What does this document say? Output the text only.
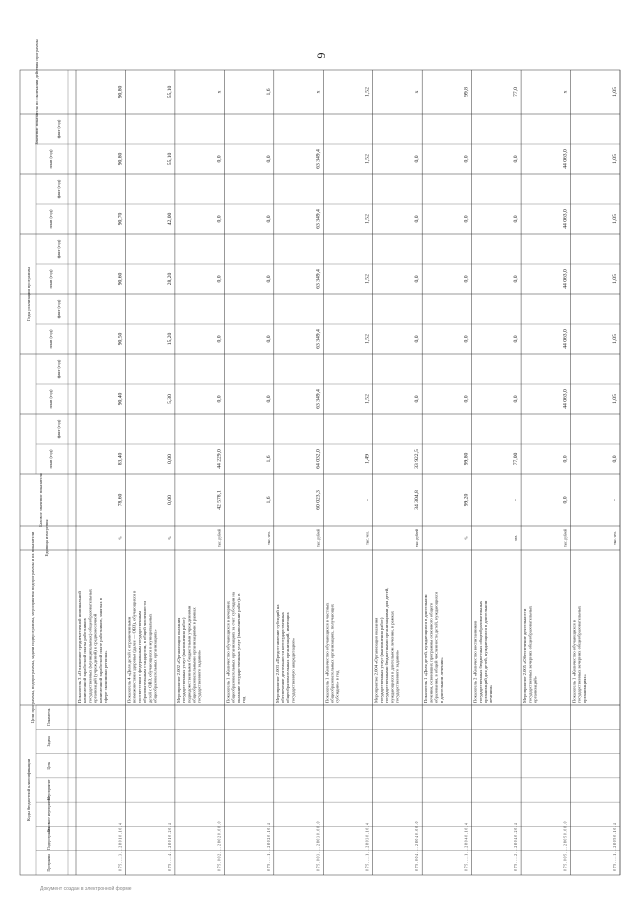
6
Коды бюджетной классификации
Цели программы, подпрограммы, задачи подпрограммы, мероприятия подпрограммы и их показатели Единица измерения
Базовое значение показателя
Годы реализации программы
план (год)
факт (год)
план (год)
факт (год)
план (год)
факт (год)
план (год)
факт (год)
план (год)
факт (год)
план (год)
факт (год)
Значение показателя по окончании действия программы
Программа
Подпрограмма
Основное мероприятие
Мероприятие
Цель
Задача
Показатель
0 7 5 . . . . 3 . . . 2 8 0 1 0 . 1 0 . 4
Показатель 3 «Отношение среднемесячной номинальной начисленной заработной платы работников государственных (муниципальных) общеобразовательных организаций (учреждений) к среднемесячной начисленной заработной плате работников, занятых в сфере экономики региона»
%
78,60
83,40
90,40
90,50
90,60
90,70
90,80
90,80
0 7 5 . . . . 4 . . . 2 8 0 1 0 . 2 0 . 4
Показатель 4 «Доля детей с ограниченными возможностями здоровья (далее — ОВЗ), обучающихся в соответствии с федеральным государственным образовательным стандартом, в общей численности детей с ОВЗ, обучающихся в муниципальных общеобразовательных организациях»
%
0,00
0,00
5,30
15,20
28,20
42,00
55,10
55,10
0 7 5 . 0 0 2 . . . . 2 8 0 2 0 . 0 0 . 0
Мероприятие 2.002 «Организация оказания государственных услуг (выполнения работ) подведомственными бюджетными учреждениями общеобразовательными организациями в рамках государственного задания»
тыс. рублей
42 578,1
44 229,0
0,0
0,0
0,0
0,0
0,0
x
0 7 5 . . . . 1 . . . 2 8 0 2 0 . 1 0 . 4
Показатель 1 «Количество обучающихся в вечерних общеобразовательных организациях за счет субсидии на оказание государственных услуг (выполнение работ)» в год
тыс. чел.
1,6
1,6
0,0
0,0
0,0
0,0
0,0
1,6
0 7 5 . 0 0 3 . . . . 2 8 0 3 0 . 0 0 . 0
Мероприятие 2.003 «Предоставление субсидий на обеспечение деятельности негосударственных общеобразовательных организаций, имеющих государственную аккредитацию»
тыс. рублей
60 023,3
64 032,0
63 349,4
63 349,4
63 349,4
63 349,4
63 349,4
x
0 7 5 . . . . 1 . . . 2 8 0 3 0 . 1 0 . 4
Показатель 1 «Количество обучающихся в частных общеобразовательных организациях, получающих субсидию» в год
тыс. чел.
-
1,49
1,52
1,52
1,52
1,52
1,52
1,52
0 7 5 . 0 0 4 . . . . 2 8 0 4 0 . 0 0 . 0
Мероприятие 2.004 «Организация оказания государственных услуг (выполнения работ) государственными бюджетными организациями для детей, нуждающихся в длительном лечении, в рамках государственного задания»
тыс. рублей
34 304,8
33 922,5
0,0
0,0
0,0
0,0
0,0
x
0 7 5 . . . . 1 . . . 2 8 0 4 0 . 1 0 . 4
Показатель 1 «Доля детей, нуждающихся в длительном лечении, освоивших программы основного общего образования, в общей численности детей, нуждающихся в длительном лечении»
%
99,20
99,80
0,0
0,0
0,0
0,0
0,0
99,8
0 7 5 . . . . 2 . . . 2 8 0 4 0 . 2 0 . 4
Показатель 2 «Количество воспитанников государственных бюджетных общеобразовательных организаций для детей, нуждающихся в длительном лечении»
чел.
-
77,00
0,0
0,0
0,0
0,0
0,0
77,0
0 7 5 . 0 0 5 . . . . 2 8 0 5 0 . 0 0 . 0
Мероприятие 2.005 «Обеспечение деятельности государственных вечерних общеобразовательных организаций»
тыс. рублей
0,0
0,0
44 063,0
44 063,0
44 063,0
44 063,0
44 063,0
x
0 7 5 . . . . 1 . . . 2 8 0 5 0 . 1 0 . 4
Показатель 1 «Количество обучающихся в государственных вечерних общеобразовательных организациях»
тыс. чел.
-
0,0
1,05
1,05
1,05
1,05
1,05
1,05
Документ создан в электронной форме
